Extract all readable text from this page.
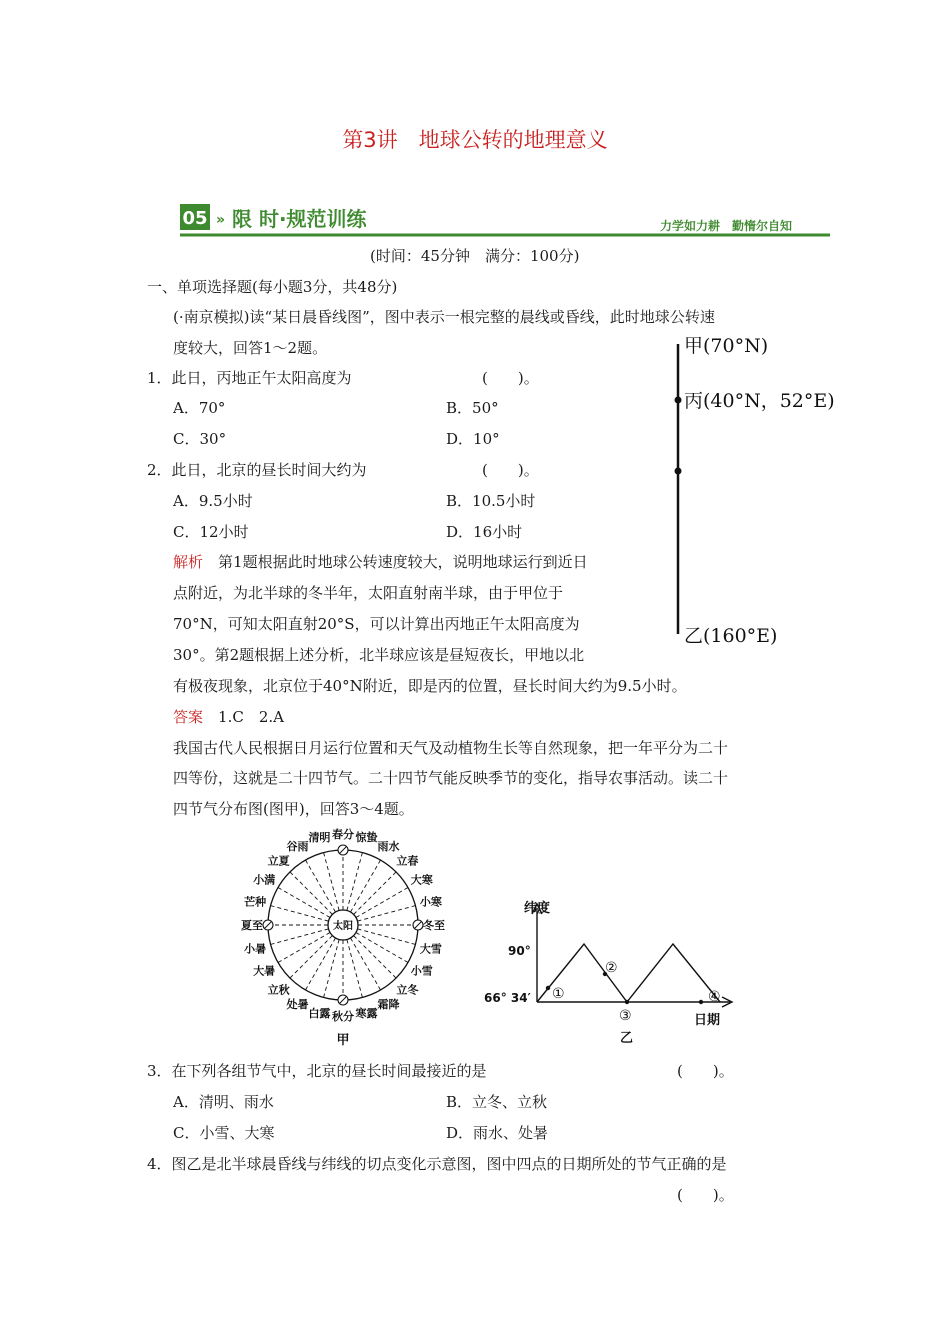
第3讲　地球公转的地理意义
05 » 限 时·规范训练	力学如力耕　勤惰尔自知
(时间：45分钟　满分：100分)
一、单项选择题(每小题3分，共48分)
(·南京模拟)读“某日晨昏线图”，图中表示一根完整的晨线或昏线，此时地球公转速
度较大，回答1～2题。
1．此日，丙地正午太阳高度为	(　　)。
A．70°	B．50°
C．30°	D．10°
2．此日，北京的昼长时间大约为	(　　)。
A．9.5小时	B．10.5小时
C．12小时	D．16小时
甲(70°N)
丙(40°N，52°E)
乙(160°E)
解析　 第1题根据此时地球公转速度较大，说明地球运行到近日
点附近，为北半球的冬半年，太阳直射南半球，由于甲位于
70°N，可知太阳直射20°S，可以计算出丙地正午太阳高度为
30°。第2题根据上述分析，北半球应该是昼短夜长，甲地以北
有极夜现象，北京位于40°N附近，即是丙的位置，昼长时间大约为9.5小时。
答案　 1.C　2.A
我国古代人民根据日月运行位置和天气及动植物生长等自然现象，把一年平分为二十
四等份，这就是二十四节气。二十四节气能反映季节的变化，指导农事活动。读二十
四节气分布图(图甲)，回答3～4题。
太阳
春分 惊蛰
雨水
立春
大寒
小寒
冬至
大雪
小雪
立冬
霜降
寒露
秋分
白露
处暑
立秋
大暑
小暑
夏至
芒种
小满
立夏
谷雨
清明
甲
纬度
日期
90°
66° 34′ ①
②
③
④
乙
3．在下列各组节气中，北京的昼长时间最接近的是	(　　)。
A．清明、雨水	B．立冬、立秋
C．小雪、大寒	D．雨水、处暑
4．图乙是北半球晨昏线与纬线的切点变化示意图，图中四点的日期所处的节气正确的是
(　　)。
